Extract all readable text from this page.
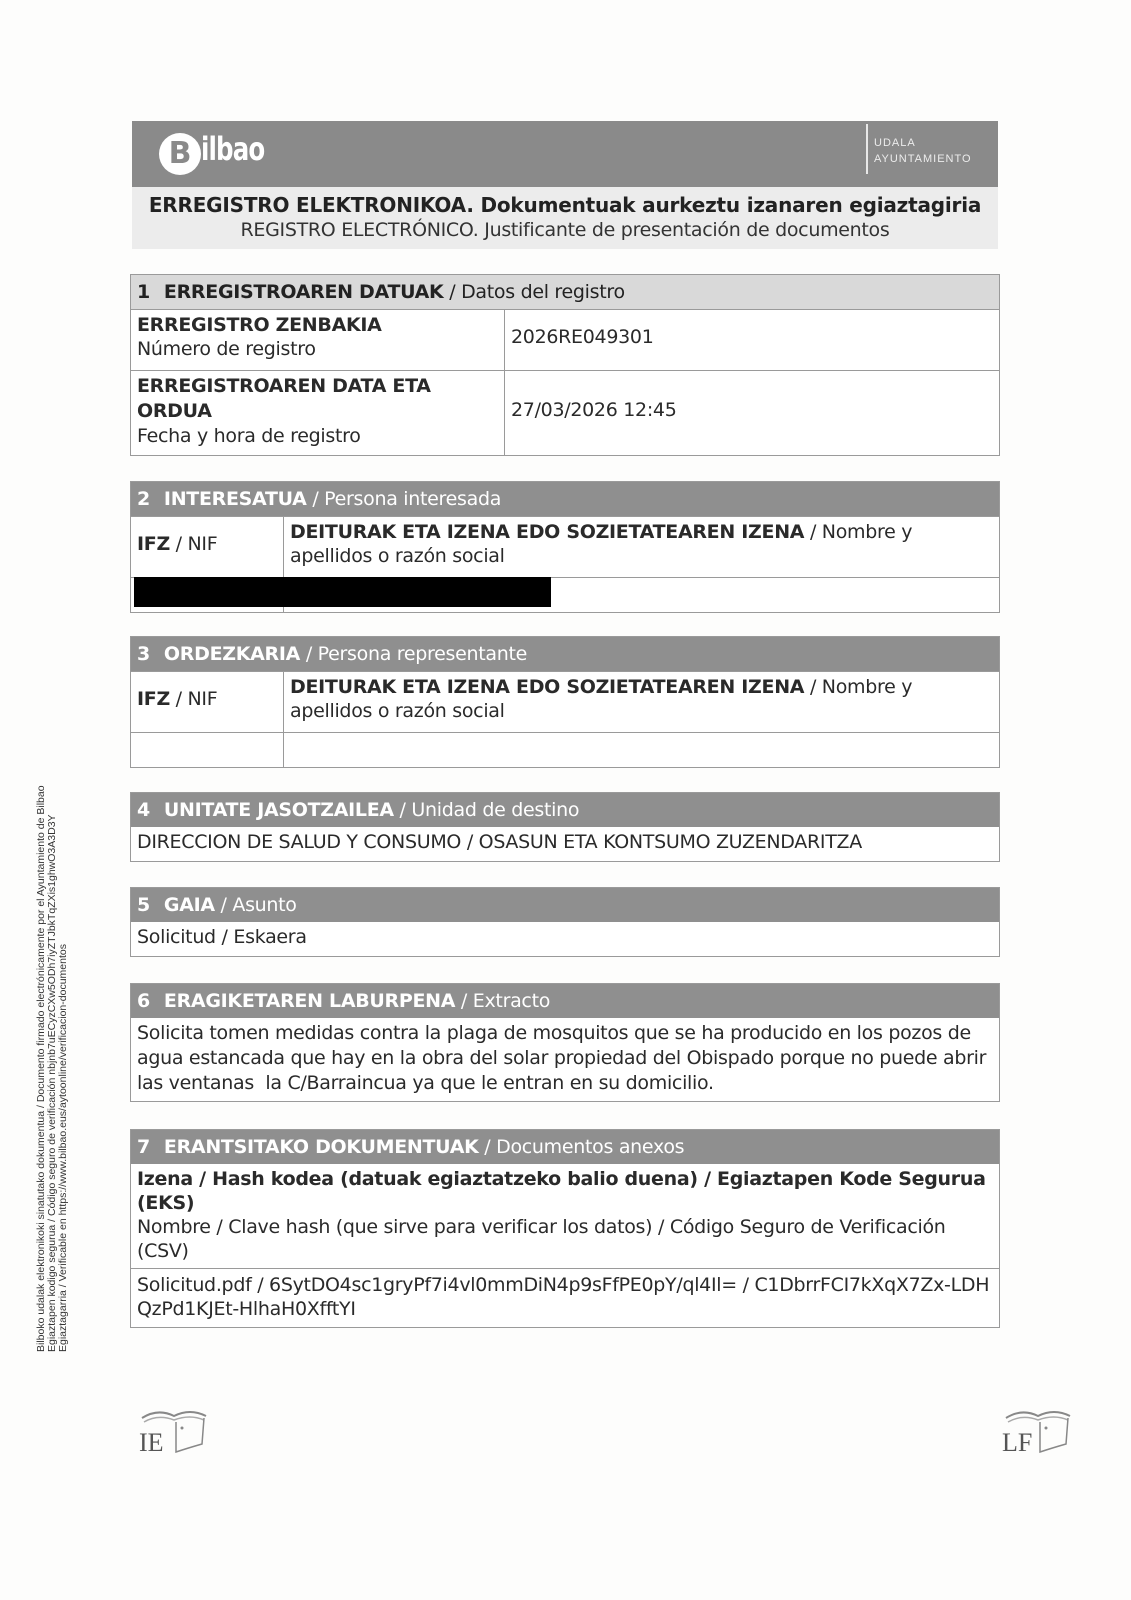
B ilbao	UDALA
AYUNTAMIENTO
ERREGISTRO ELEKTRONIKOA. Dokumentuak aurkeztu izanaren egiaztagiria
REGISTRO ELECTRÓNICO. Justificante de presentación de documentos
1 ERREGISTROAREN DATUAK / Datos del registro
ERREGISTRO ZENBAKIA
Número de registro
2026RE049301
ERREGISTROAREN DATA ETA ORDUA
Fecha y hora de registro
27/03/2026 12:45
2 INTERESATUA / Persona interesada
IFZ / NIF
DEITURAK ETA IZENA EDO SOZIETATEAREN IZENA / Nombre y apellidos o razón social
3 ORDEZKARIA / Persona representante
IFZ / NIF
DEITURAK ETA IZENA EDO SOZIETATEAREN IZENA / Nombre y apellidos o razón social
4 UNITATE JASOTZAILEA / Unidad de destino
DIRECCION DE SALUD Y CONSUMO / OSASUN ETA KONTSUMO ZUZENDARITZA
5 GAIA / Asunto
Solicitud / Eskaera
6 ERAGIKETAREN LABURPENA / Extracto
Solicita tomen medidas contra la plaga de mosquitos que se ha producido en los pozos de agua estancada que hay en la obra del solar propiedad del Obispado porque no puede abrir las ventanas  la C/Barraincua ya que le entran en su domicilio.
7 ERANTSITAKO DOKUMENTUAK / Documentos anexos
Izena / Hash kodea (datuak egiaztatzeko balio duena) / Egiaztapen Kode Segurua (EKS)
Nombre / Clave hash (que sirve para verificar los datos) / Código Seguro de Verificación (CSV)
Solicitud.pdf / 6SytDO4sc1gryPf7i4vl0mmDiN4p9sFfPE0pY/ql4Il= / C1DbrrFCI7kXqX7Zx-LDHQzPd1KJEt-HlhaH0XfftYI
Bilboko udalak elektronikoki sinatutako dokumentua / Documento firmado electrónicamente por el Ayuntamiento de Bilbao Egiaztapen kodigo segurua / Código seguro de verificación nbjnb7uECyzCXw5ODh7iyZTJbkTqZXis1ghwO3A3D3Y Egiaztagarria / Verificable en https://www.bilbao.eus/aytoonline/verificacion-documentos
IE	LF
